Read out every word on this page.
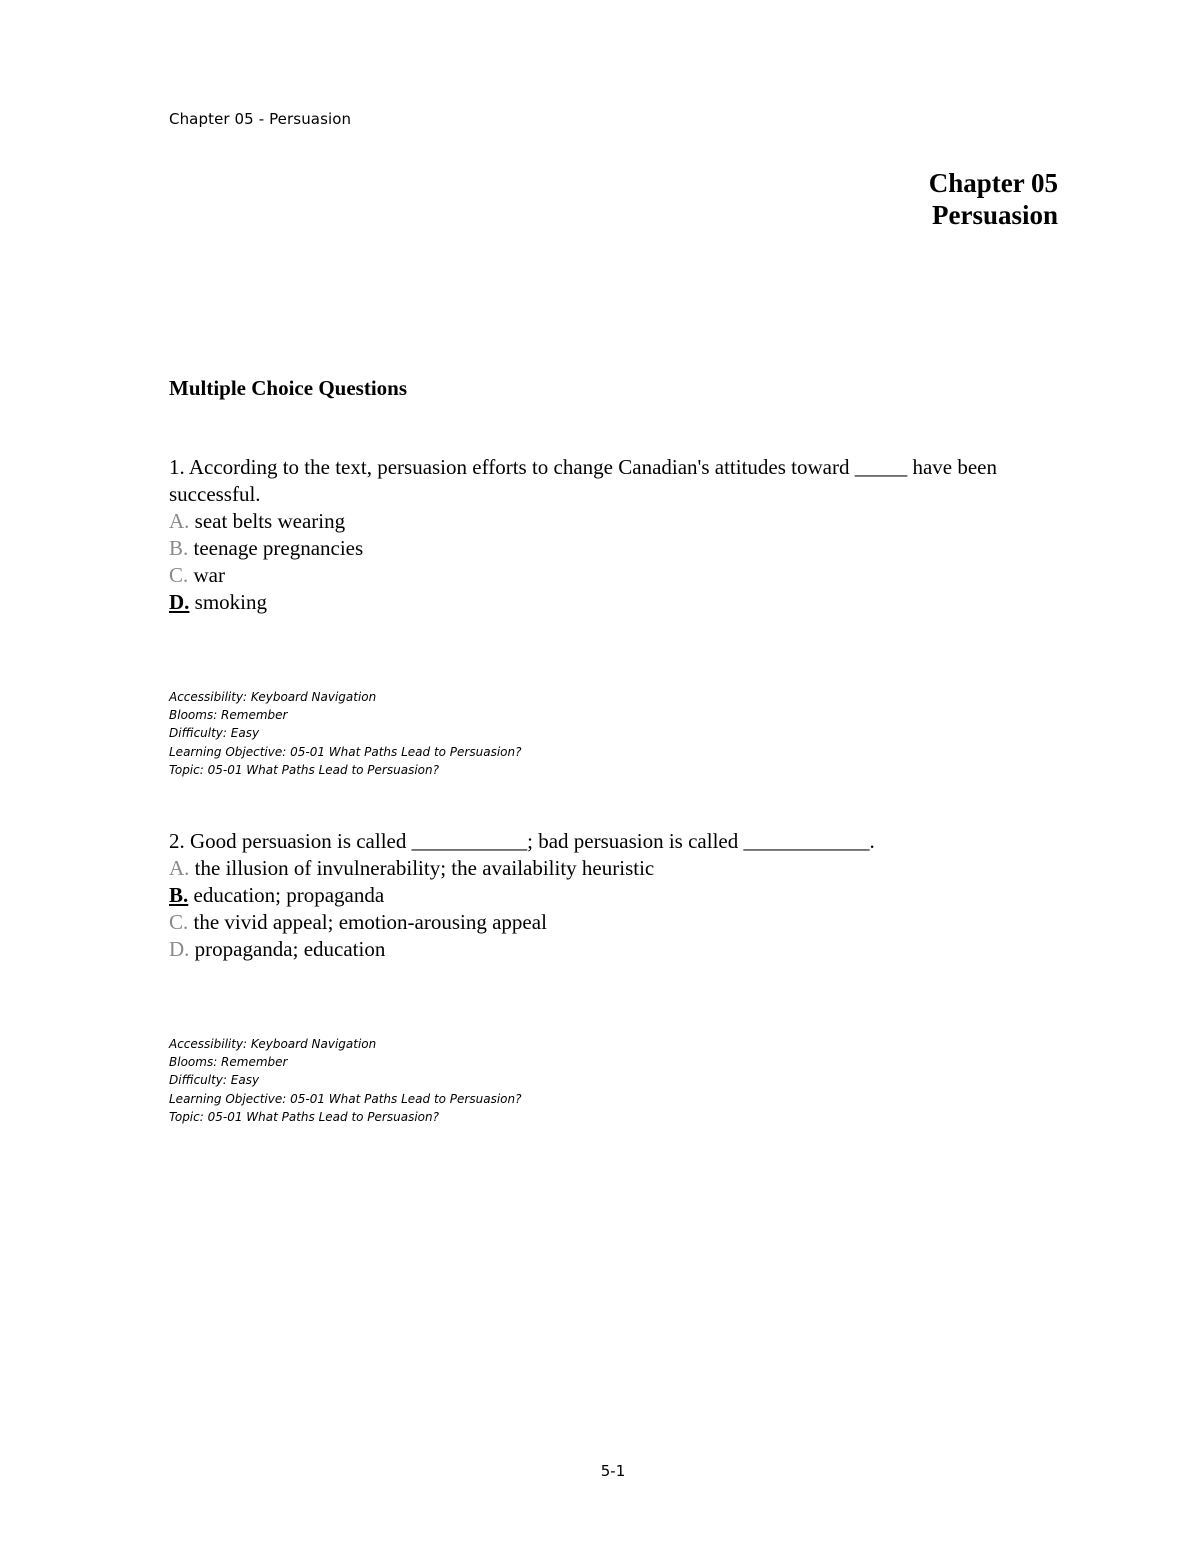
Chapter 05 - Persuasion
Chapter 05
Persuasion
Multiple Choice Questions
1. According to the text, persuasion efforts to change Canadian's attitudes toward _____ have been successful.
A. seat belts wearing
B. teenage pregnancies
C. war
D. smoking
Accessibility: Keyboard Navigation
Blooms: Remember
Difficulty: Easy
Learning Objective: 05-01 What Paths Lead to Persuasion?
Topic: 05-01 What Paths Lead to Persuasion?
2. Good persuasion is called ___________; bad persuasion is called ____________.
A. the illusion of invulnerability; the availability heuristic
B. education; propaganda
C. the vivid appeal; emotion-arousing appeal
D. propaganda; education
Accessibility: Keyboard Navigation
Blooms: Remember
Difficulty: Easy
Learning Objective: 05-01 What Paths Lead to Persuasion?
Topic: 05-01 What Paths Lead to Persuasion?
5-1
